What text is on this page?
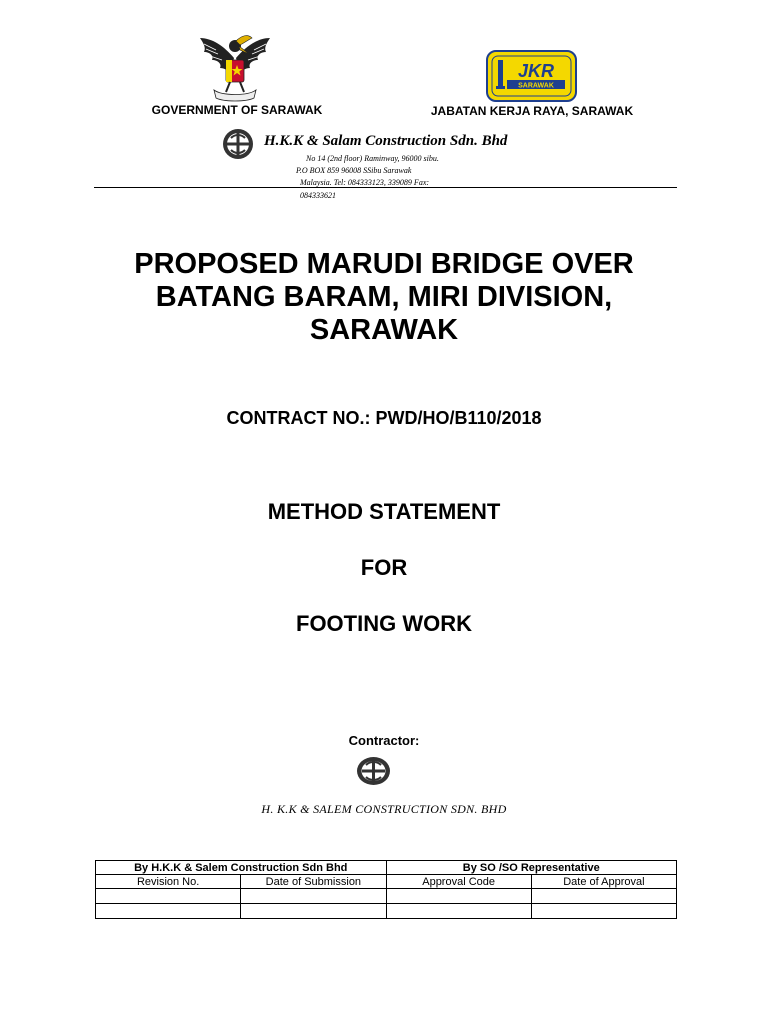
GOVERNMENT OF SARAWAK
JKR
SARAWAK
JABATAN KERJA RAYA, SARAWAK
H.K.K & Salam Construction Sdn. Bhd
No 14 (2nd floor) Raminway, 96000 sibu.
P.O BOX 859 96008 SSibu Sarawak
Malaysia. Tel: 084333123, 339089 Fax:
084333621
PROPOSED MARUDI BRIDGE OVER
BATANG BARAM, MIRI DIVISION,
SARAWAK
CONTRACT NO.: PWD/HO/B110/2018
METHOD STATEMENT
FOR
FOOTING WORK
Contractor:
H. K.K & SALEM CONSTRUCTION SDN. BHD
By H.K.K & Salem Construction Sdn Bhd		By SO /SO Representative	
Revision No.	Date of Submission	Approval Code	Date of Approval
